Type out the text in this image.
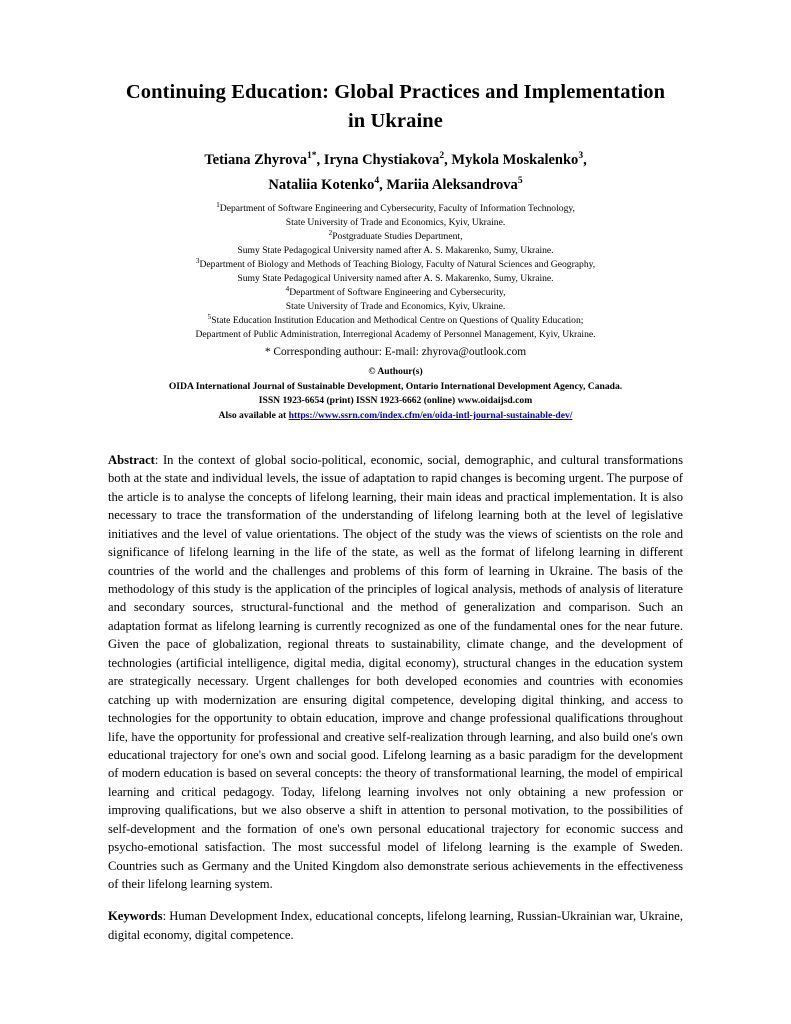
Continuing Education: Global Practices and Implementation in Ukraine
Tetiana Zhyrova$^{1*}$, Iryna Chystiakova$^2$, Mykola Moskalenko$^3$,
Nataliia Kotenko$^4$, Mariia Aleksandrova$^5$
$^1$Department of Software Engineering and Cybersecurity, Faculty of Information Technology,
State University of Trade and Economics, Kyiv, Ukraine.
$^2$Postgraduate Studies Department,
Sumy State Pedagogical University named after A. S. Makarenko, Sumy, Ukraine.
$^3$Department of Biology and Methods of Teaching Biology, Faculty of Natural Sciences and Geography,
Sumy State Pedagogical University named after A. S. Makarenko, Sumy, Ukraine.
$^4$Department of Software Engineering and Cybersecurity,
State University of Trade and Economics, Kyiv, Ukraine.
$^5$State Education Institution Education and Methodical Centre on Questions of Quality Education;
Department of Public Administration, Interregional Academy of Personnel Management, Kyiv, Ukraine.
* Corresponding authour: E-mail: zhyrova@outlook.com
© Authour(s)
OIDA International Journal of Sustainable Development, Ontario International Development Agency, Canada.
ISSN 1923-6654 (print) ISSN 1923-6662 (online) www.oidaijsd.com
Also available at https://www.ssrn.com/index.cfm/en/oida-intl-journal-sustainable-dev/
Abstract: In the context of global socio-political, economic, social, demographic, and cultural transformations both at the state and individual levels, the issue of adaptation to rapid changes is becoming urgent. The purpose of the article is to analyse the concepts of lifelong learning, their main ideas and practical implementation. It is also necessary to trace the transformation of the understanding of lifelong learning both at the level of legislative initiatives and the level of value orientations. The object of the study was the views of scientists on the role and significance of lifelong learning in the life of the state, as well as the format of lifelong learning in different countries of the world and the challenges and problems of this form of learning in Ukraine. The basis of the methodology of this study is the application of the principles of logical analysis, methods of analysis of literature and secondary sources, structural-functional and the method of generalization and comparison. Such an adaptation format as lifelong learning is currently recognized as one of the fundamental ones for the near future. Given the pace of globalization, regional threats to sustainability, climate change, and the development of technologies (artificial intelligence, digital media, digital economy), structural changes in the education system are strategically necessary. Urgent challenges for both developed economies and countries with economies catching up with modernization are ensuring digital competence, developing digital thinking, and access to technologies for the opportunity to obtain education, improve and change professional qualifications throughout life, have the opportunity for professional and creative self-realization through learning, and also build one's own educational trajectory for one's own and social good. Lifelong learning as a basic paradigm for the development of modern education is based on several concepts: the theory of transformational learning, the model of empirical learning and critical pedagogy. Today, lifelong learning involves not only obtaining a new profession or improving qualifications, but we also observe a shift in attention to personal motivation, to the possibilities of self-development and the formation of one's own personal educational trajectory for economic success and psycho-emotional satisfaction. The most successful model of lifelong learning is the example of Sweden. Countries such as Germany and the United Kingdom also demonstrate serious achievements in the effectiveness of their lifelong learning system.
Keywords: Human Development Index, educational concepts, lifelong learning, Russian-Ukrainian war, Ukraine, digital economy, digital competence.
